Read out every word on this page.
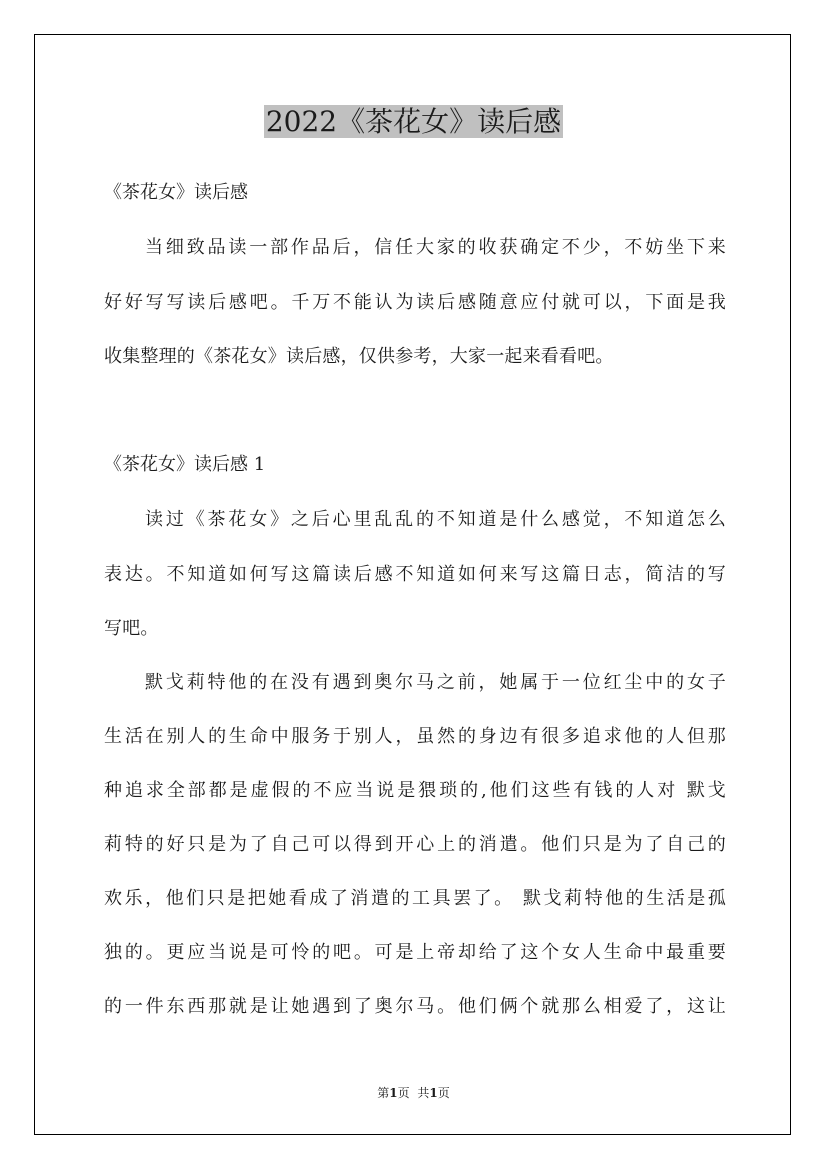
2022《茶花女》读后感
《茶花女》读后感
当细致品读一部作品后，信任大家的收获确定不少，不妨坐下来
好好写写读后感吧。千万不能认为读后感随意应付就可以，下面是我
收集整理的《茶花女》读后感，仅供参考，大家一起来看看吧。
《茶花女》读后感 1
读过《茶花女》之后心里乱乱的不知道是什么感觉，不知道怎么
表达。不知道如何写这篇读后感不知道如何来写这篇日志，简洁的写
写吧。
默戈莉特他的在没有遇到奥尔马之前，她属于一位红尘中的女子
生活在别人的生命中服务于别人，虽然的身边有很多追求他的人但那
种追求全部都是虚假的不应当说是猥琐的,他们这些有钱的人对 默戈
莉特的好只是为了自己可以得到开心上的消遣。他们只是为了自己的
欢乐，他们只是把她看成了消遣的工具罢了。 默戈莉特他的生活是孤
独的。更应当说是可怜的吧。可是上帝却给了这个女人生命中最重要
的一件东西那就是让她遇到了奥尔马。他们俩个就那么相爱了，这让
第1页 共1页
